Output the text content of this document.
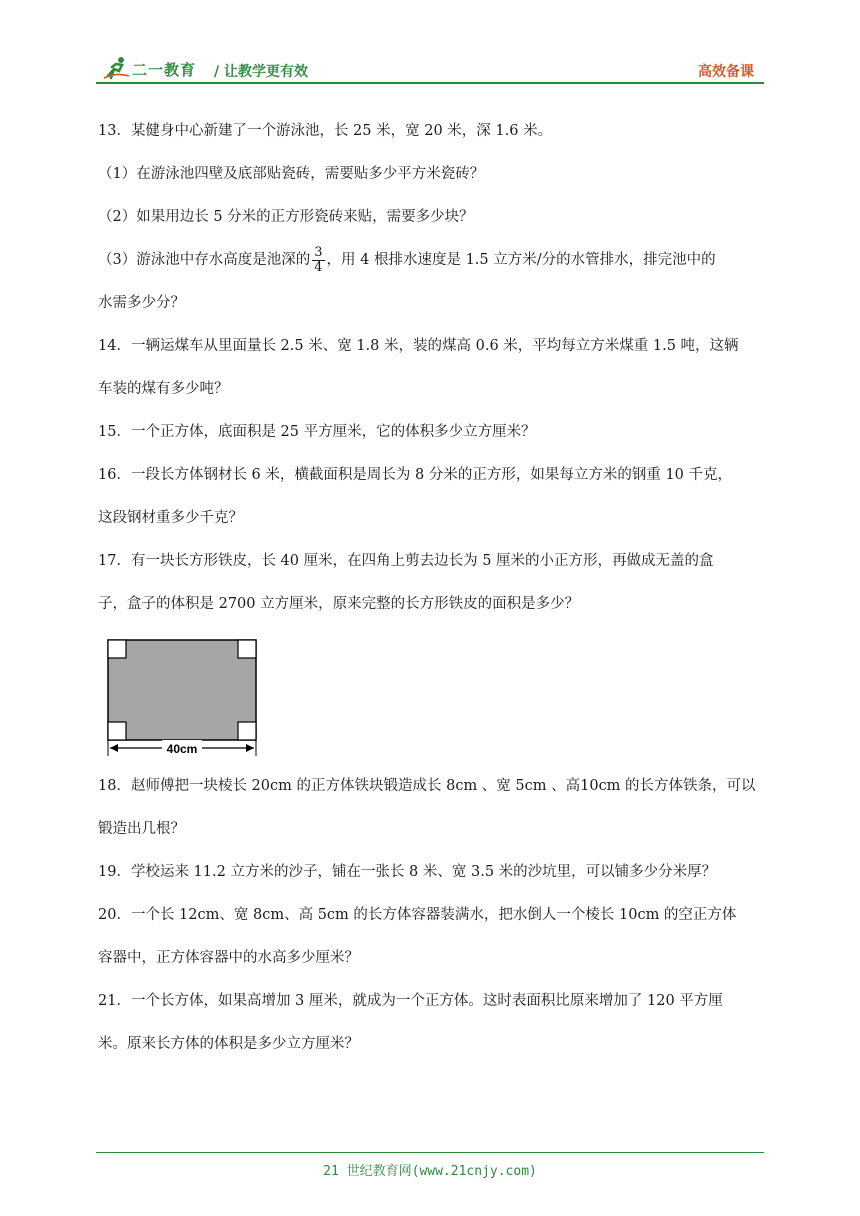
二一教育 / 让教学更有效	高效备课
13．某健身中心新建了一个游泳池，长 25 米，宽 20 米，深 1.6 米。
（1）在游泳池四壁及底部贴瓷砖，需要贴多少平方米瓷砖？
（2）如果用边长 5 分米的正方形瓷砖来贴，需要多少块？
（3）游泳池中存水高度是池深的 $\frac{3}{4}$ ，用 4 根排水速度是 1.5 立方米/分的水管排水，排完池中的
水需多少分？
14．一辆运煤车从里面量长 2.5 米、宽 1.8 米，装的煤高 0.6 米，平均每立方米煤重 1.5 吨，这辆
车装的煤有多少吨？
15．一个正方体，底面积是 25 平方厘米，它的体积多少立方厘米？
16．一段长方体钢材长 6 米，横截面积是周长为 8 分米的正方形，如果每立方米的钢重 10 千克，
这段钢材重多少千克？
17．有一块长方形铁皮，长 40 厘米，在四角上剪去边长为 5 厘米的小正方形，再做成无盖的盒
子，盒子的体积是 2700 立方厘米，原来完整的长方形铁皮的面积是多少？
40cm
18．赵师傅把一块棱长 20cm 的正方体铁块锻造成长 8cm 、宽 5cm 、高10cm 的长方体铁条，可以
锻造出几根？
19．学校运来 11.2 立方米的沙子，铺在一张长 8 米、宽 3.5 米的沙坑里，可以铺多少分米厚？
20．一个长 12cm、宽 8cm、高 5cm 的长方体容器装满水，把水倒人一个棱长 10cm 的空正方体
容器中，正方体容器中的水高多少厘米？
21．一个长方体，如果高增加 3 厘米，就成为一个正方体。这时表面积比原来增加了 120 平方厘
米。原来长方体的体积是多少立方厘米？
21 世纪教育网(www.21cnjy.com)
